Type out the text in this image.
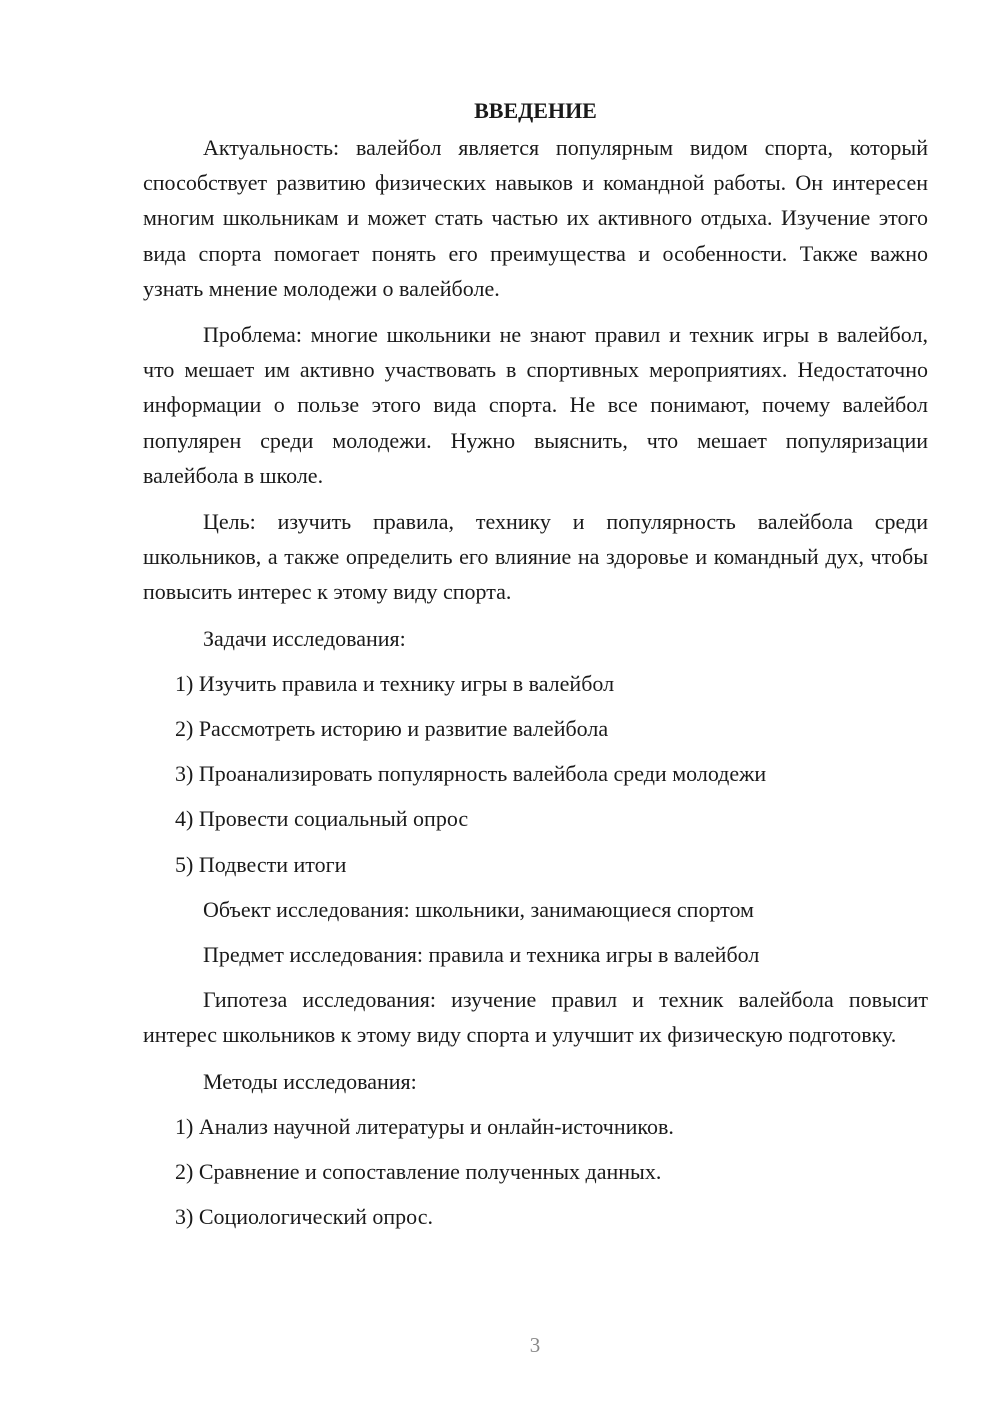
ВВЕДЕНИЕ

Актуальность: валейбол является популярным видом спорта, который способствует развитию физических навыков и командной работы. Он интересен многим школьникам и может стать частью их активного отдыха. Изучение этого вида спорта помогает понять его преимущества и особенности. Также важно узнать мнение молодежи о валейболе.

Проблема: многие школьники не знают правил и техник игры в валейбол, что мешает им активно участвовать в спортивных мероприятиях. Недостаточно информации о пользе этого вида спорта. Не все понимают, почему валейбол популярен среди молодежи. Нужно выяснить, что мешает популяризации валейбола в школе.

Цель: изучить правила, технику и популярность валейбола среди школьников, а также определить его влияние на здоровье и командный дух, чтобы повысить интерес к этому виду спорта.

Задачи исследования:

1) Изучить правила и технику игры в валейбол
2) Рассмотреть историю и развитие валейбола
3) Проанализировать популярность валейбола среди молодежи
4) Провести социальный опрос
5) Подвести итоги

Объект исследования: школьники, занимающиеся спортом

Предмет исследования: правила и техника игры в валейбол

Гипотеза исследования: изучение правил и техник валейбола повысит интерес школьников к этому виду спорта и улучшит их физическую подготовку.

Методы исследования:

1) Анализ научной литературы и онлайн-источников.
2) Сравнение и сопоставление полученных данных.
3) Социологический опрос.
3
